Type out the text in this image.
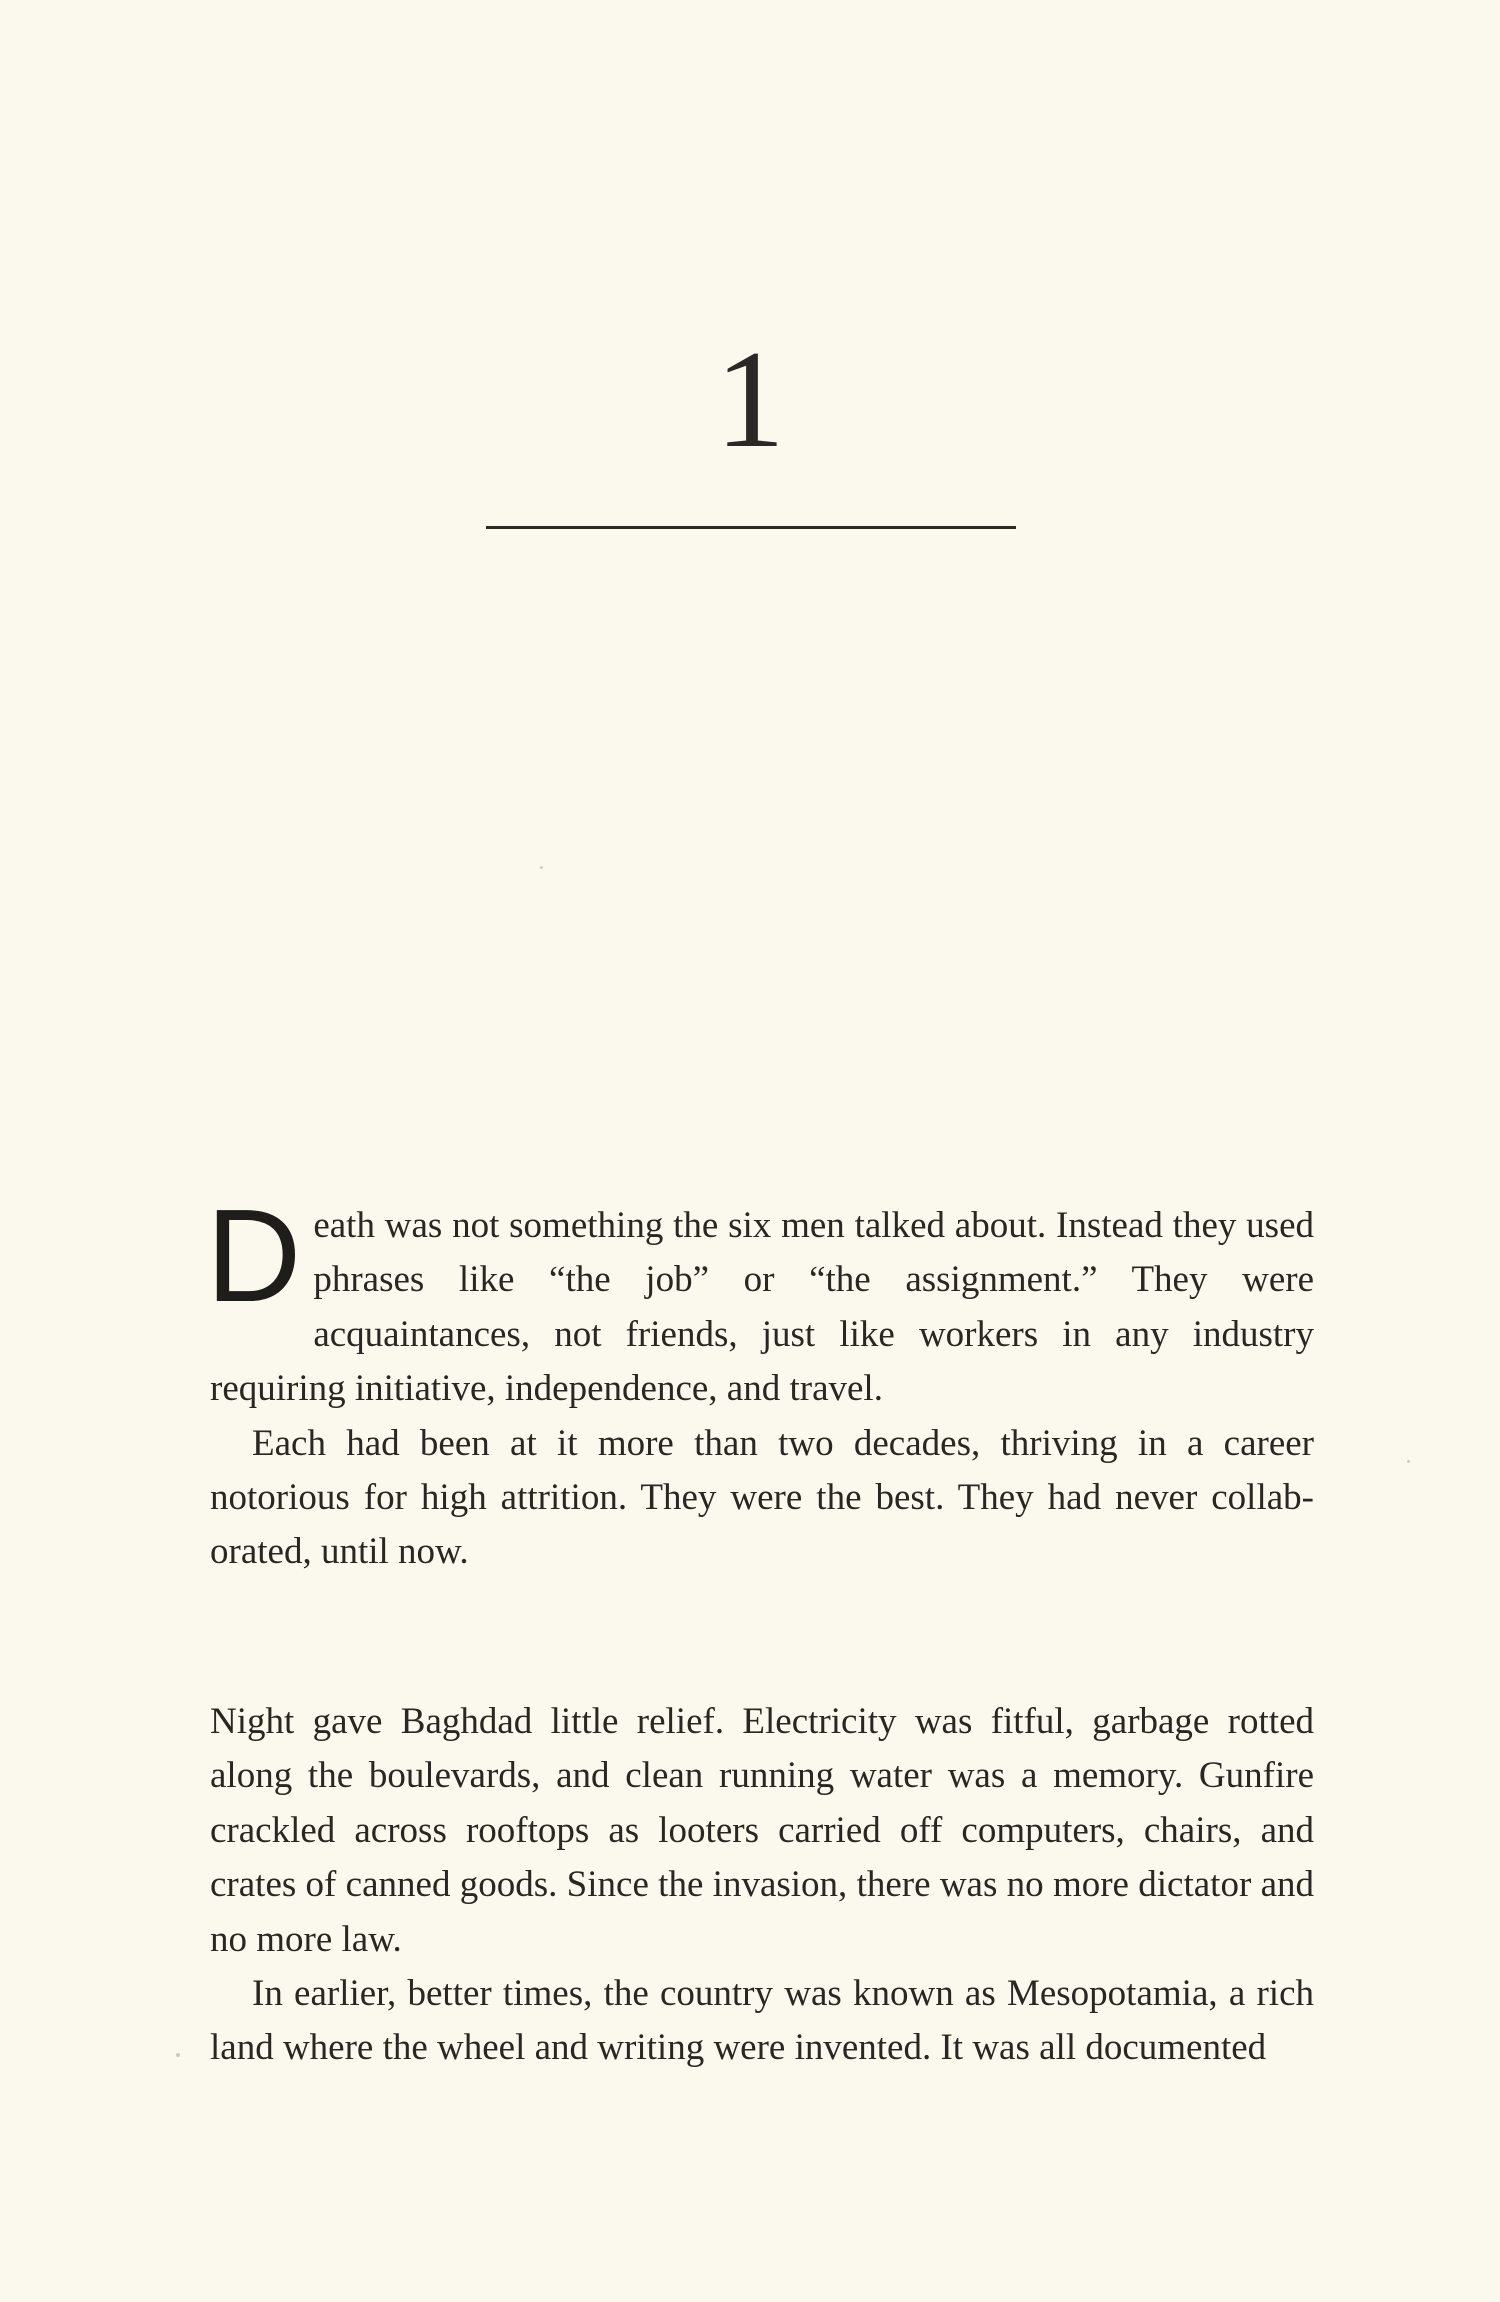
1

Death was not something the six men talked about. Instead they used phrases like “the job” or “the assignment.” They were acquaintances, not friends, just like workers in any industry requiring initiative, independence, and travel.

Each had been at it more than two decades, thriving in a career notorious for high attrition. They were the best. They had never collaborated, until now.

Night gave Baghdad little relief. Electricity was fitful, garbage rotted along the boulevards, and clean running water was a memory. Gunfire crackled across rooftops as looters carried off computers, chairs, and crates of canned goods. Since the invasion, there was no more dictator and no more law.

In earlier, better times, the country was known as Mesopotamia, a rich land where the wheel and writing were invented. It was all documented
